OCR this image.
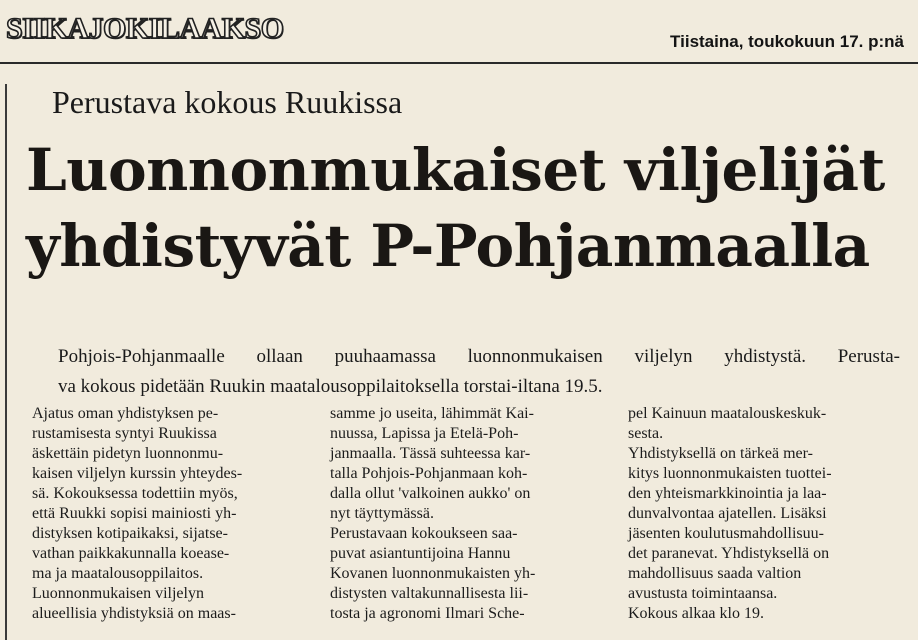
SIIKAJOKILAAKSO	Tiistaina, toukokuun 17. p:nä
Perustava kokous Ruukissa
Luonnonmukaiset viljelijät
yhdistyvät P-Pohjanmaalla
Pohjois-Pohjanmaalle ollaan puuhaamassa luonnonmukaisen viljelyn yhdistystä. Perusta-
va kokous pidetään Ruukin maatalousoppilaitoksella torstai-iltana 19.5.
Ajatus oman yhdistyksen pe-
rustamisesta syntyi Ruukissa
äskettäin pidetyn luonnonmu-
kaisen viljelyn kurssin yhteydes-
sä. Kokouksessa todettiin myös,
että Ruukki sopisi mainiosti yh-
distyksen kotipaikaksi, sijatse-
vathan paikkakunnalla koease-
ma ja maatalousoppilaitos.
Luonnonmukaisen viljelyn
alueellisia yhdistyksiä on maas-
samme jo useita, lähimmät Kai-
nuussa, Lapissa ja Etelä-Poh-
janmaalla. Tässä suhteessa kar-
talla Pohjois-Pohjanmaan koh-
dalla ollut 'valkoinen aukko' on
nyt täyttymässä.
Perustavaan kokoukseen saa-
puvat asiantuntijoina Hannu
Kovanen luonnonmukaisten yh-
distysten valtakunnallisesta lii-
tosta ja agronomi Ilmari Sche-
pel Kainuun maatalouskeskuk-
sesta.
Yhdistyksellä on tärkeä mer-
kitys luonnonmukaisten tuottei-
den yhteismarkkinointia ja laa-
dunvalvontaa ajatellen. Lisäksi
jäsenten koulutusmahdollisuu-
det paranevat. Yhdistyksellä on
mahdollisuus saada valtion
avustusta toimintaansa.
Kokous alkaa klo 19.
